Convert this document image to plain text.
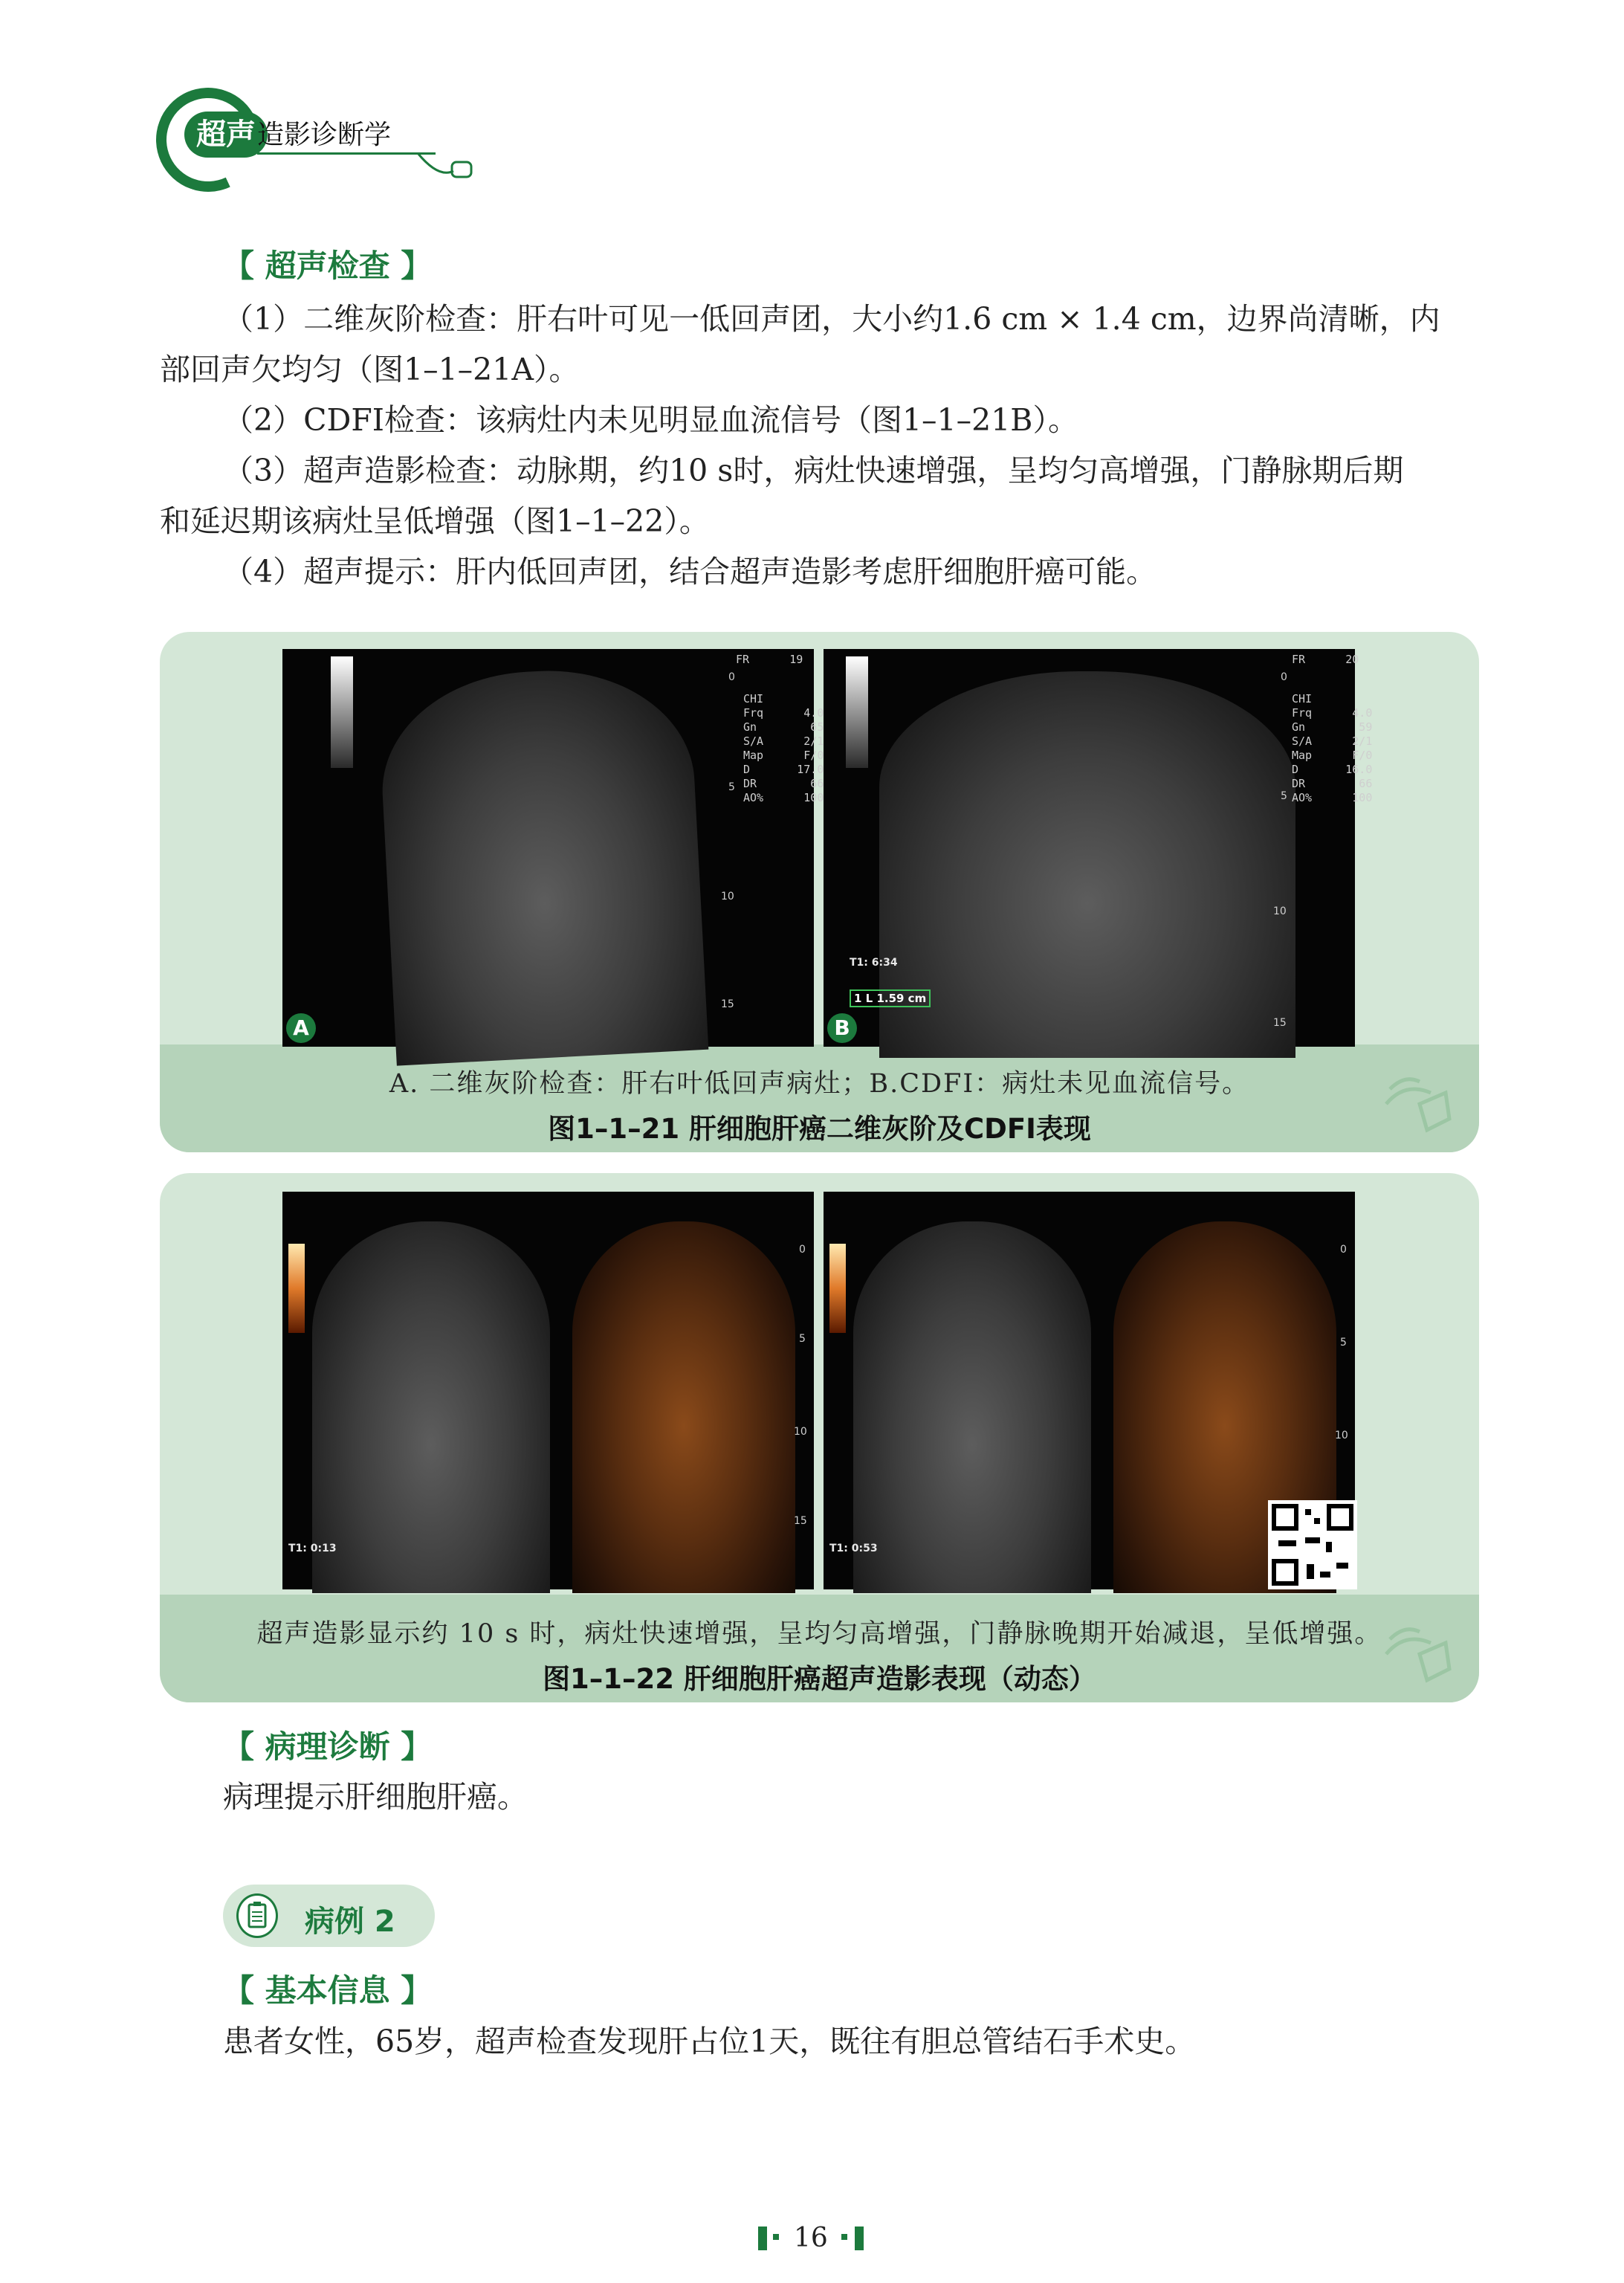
超声 造影诊断学
【 超声检查 】
（1）二维灰阶检查：肝右叶可见一低回声团，大小约1.6 cm × 1.4 cm，边界尚清晰，内
部回声欠均匀（图1–1–21A）。
（2）CDFI检查：该病灶内未见明显血流信号（图1–1–21B）。
（3）超声造影检查：动脉期，约10 s时，病灶快速增强，呈均匀高增强，门静脉期后期
和延迟期该病灶呈低增强（图1–1–22）。
（4）超声提示：肝内低回声团，结合超声造影考虑肝细胞肝癌可能。
FR      19
CHI
Frq      4.0
Gn        65
S/A      2/1
Map      F/0
D       17.0
DR        66
AO%      100
0
5
10
15
A
FR      20
CHI
Frq      4.0
Gn        59
S/A      2/1
Map      F/0
D       16.0
DR        66
AO%      100
0
5
10
15
T1: 6:34
1 L 1.59 cm
B
A. 二维灰阶检查：肝右叶低回声病灶；B.CDFI：病灶未见血流信号。
图1–1–21 肝细胞肝癌二维灰阶及CDFI表现
0
5
10
15
T1: 0:13
0
5
10
T1: 0:53
超声造影显示约 10 s 时，病灶快速增强，呈均匀高增强，门静脉晚期开始减退，呈低增强。
图1–1–22 肝细胞肝癌超声造影表现（动态）
【 病理诊断 】
病理提示肝细胞肝癌。
病例 2
【 基本信息 】
患者女性，65岁，超声检查发现肝占位1天，既往有胆总管结石手术史。
16
